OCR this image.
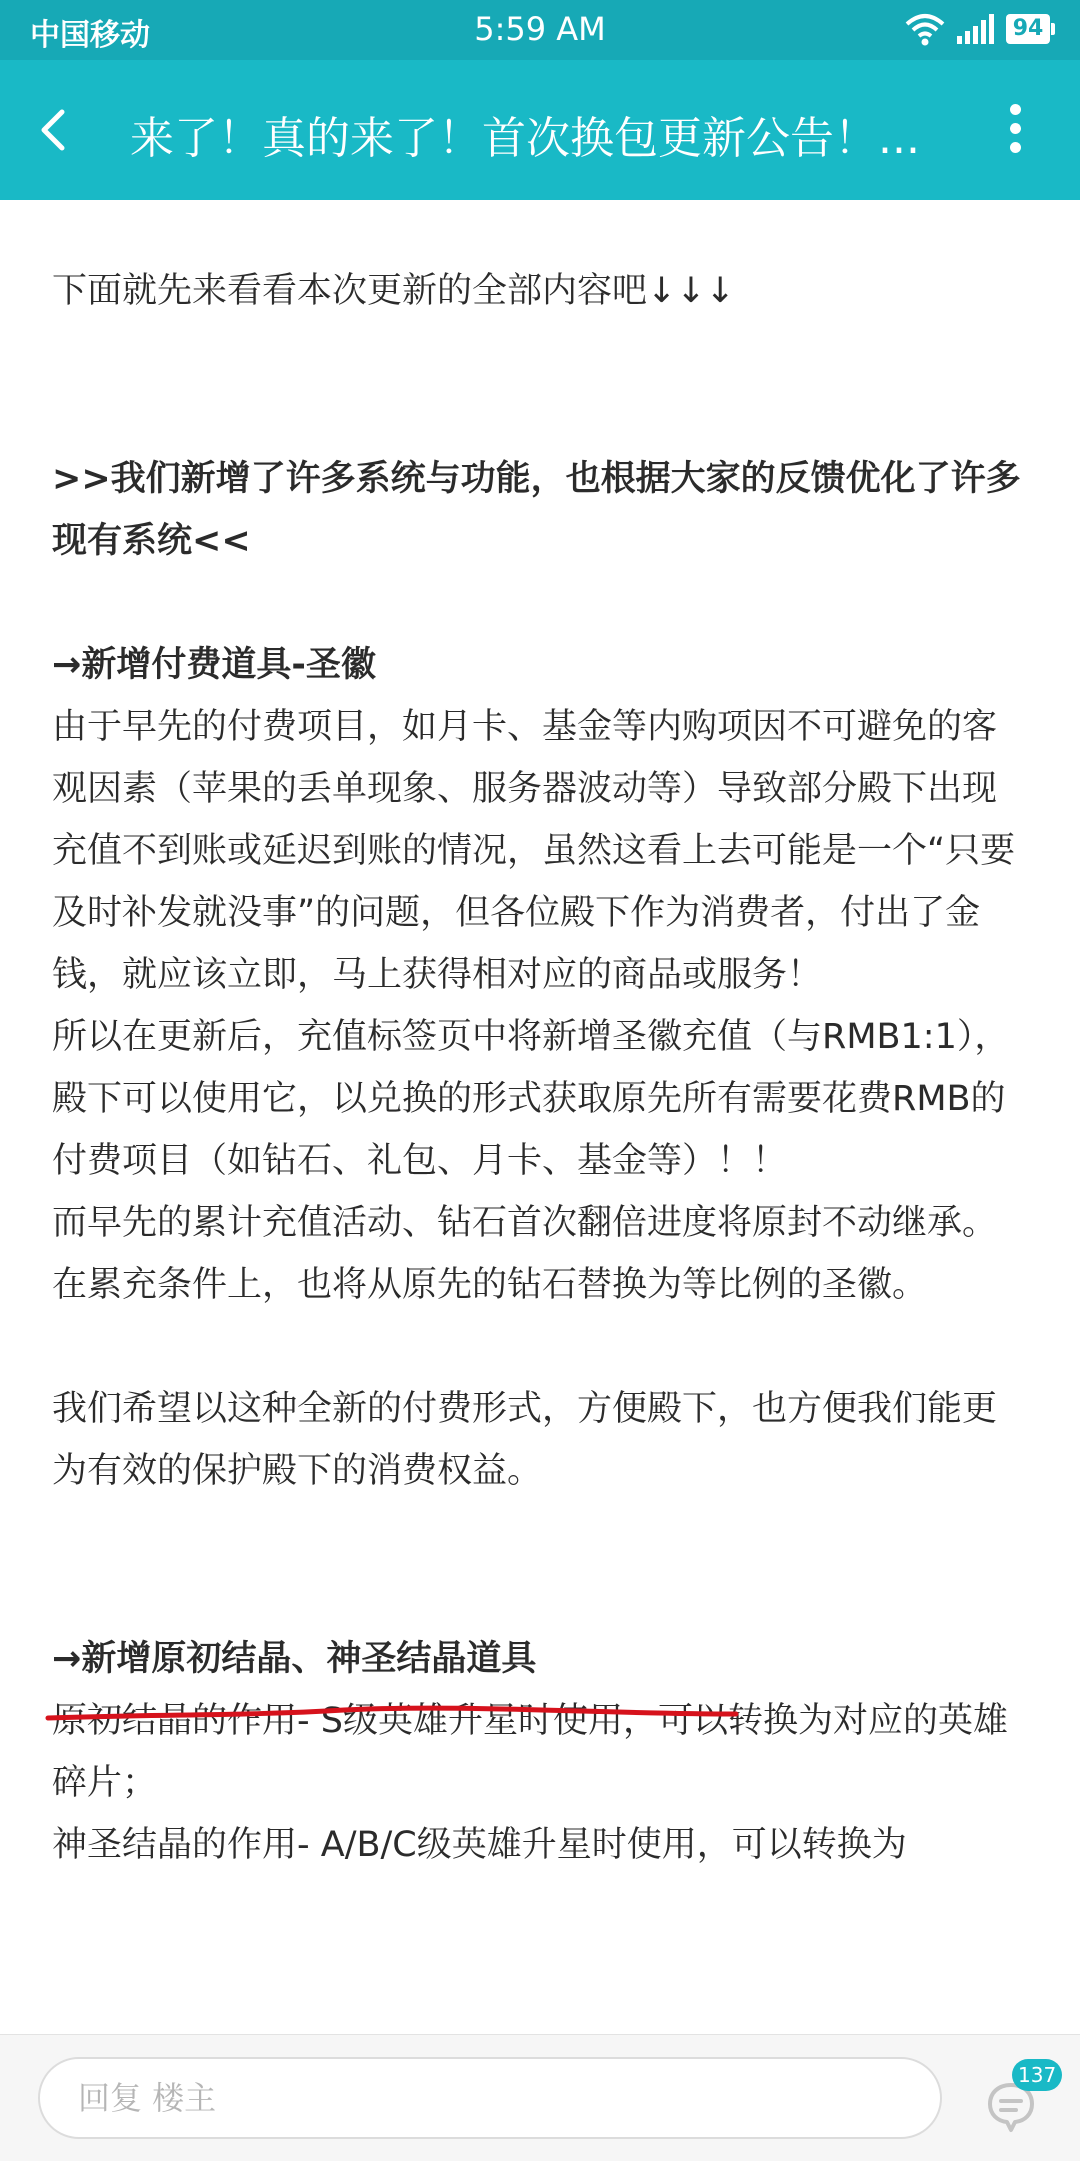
中国移动	5:59 AM	94
来了！真的来了！首次换包更新公告！...

下面就先来看看本次更新的全部内容吧↓↓↓

>>我们新增了许多系统与功能，也根据大家的反馈优化了许多现有系统<<

→新增付费道具-圣徽

由于早先的付费项目，如月卡、基金等内购项因不可避免的客观因素（苹果的丢单现象、服务器波动等）导致部分殿下出现充值不到账或延迟到账的情况，虽然这看上去可能是一个“只要及时补发就没事”的问题，但各位殿下作为消费者，付出了金钱，就应该立即，马上获得相对应的商品或服务！

所以在更新后，充值标签页中将新增圣徽充值（与RMB1:1），殿下可以使用它，以兑换的形式获取原先所有需要花费RMB的付费项目（如钻石、礼包、月卡、基金等）！！

而早先的累计充值活动、钻石首次翻倍进度将原封不动继承。在累充条件上，也将从原先的钻石替换为等比例的圣徽。

我们希望以这种全新的付费形式，方便殿下，也方便我们能更为有效的保护殿下的消费权益。

→新增原初结晶、神圣结晶道具

原初结晶的作用- S级英雄升星时使用，可以转换为对应的英雄碎片；

神圣结晶的作用- A/B/C级英雄升星时使用，可以转换为

回复 楼主
137
